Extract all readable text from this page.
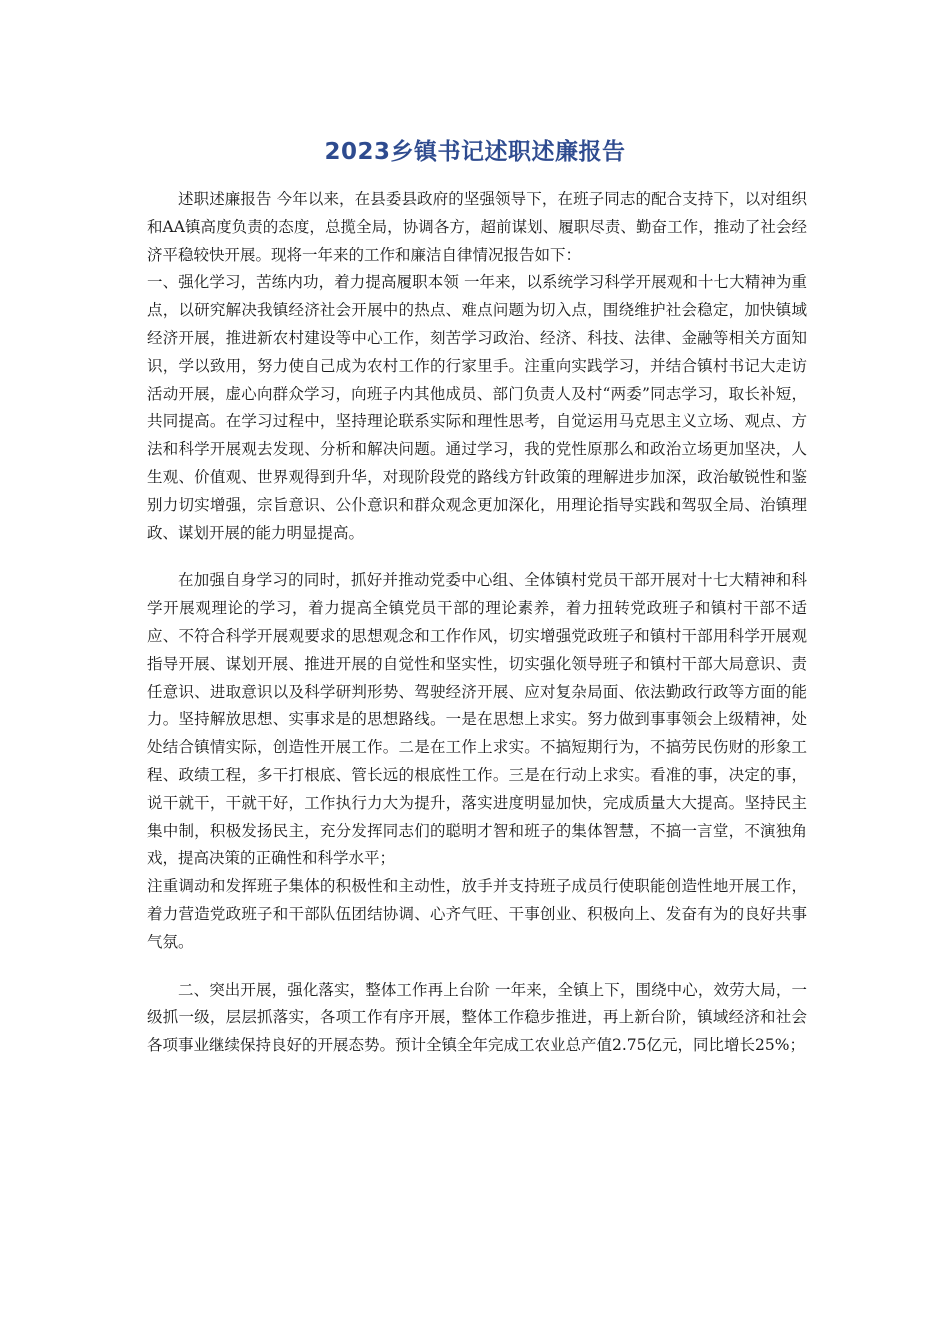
2023乡镇书记述职述廉报告

述职述廉报告 今年以来，在县委县政府的坚强领导下，在班子同志的配合支持下，以对组织和AA镇高度负责的态度，总揽全局，协调各方，超前谋划、履职尽责、勤奋工作，推动了社会经济平稳较快开展。现将一年来的工作和廉洁自律情况报告如下：

一、强化学习，苦练内功，着力提高履职本领 一年来，以系统学习科学开展观和十七大精神为重点，以研究解决我镇经济社会开展中的热点、难点问题为切入点，围绕维护社会稳定，加快镇域经济开展，推进新农村建设等中心工作，刻苦学习政治、经济、科技、法律、金融等相关方面知识，学以致用，努力使自己成为农村工作的行家里手。注重向实践学习，并结合镇村书记大走访活动开展，虚心向群众学习，向班子内其他成员、部门负责人及村“两委”同志学习，取长补短，共同提高。在学习过程中，坚持理论联系实际和理性思考，自觉运用马克思主义立场、观点、方法和科学开展观去发现、分析和解决问题。通过学习，我的党性原那么和政治立场更加坚决，人生观、价值观、世界观得到升华，对现阶段党的路线方针政策的理解进步加深，政治敏锐性和鉴别力切实增强，宗旨意识、公仆意识和群众观念更加深化，用理论指导实践和驾驭全局、治镇理政、谋划开展的能力明显提高。

在加强自身学习的同时，抓好并推动党委中心组、全体镇村党员干部开展对十七大精神和科学开展观理论的学习，着力提高全镇党员干部的理论素养，着力扭转党政班子和镇村干部不适应、不符合科学开展观要求的思想观念和工作作风，切实增强党政班子和镇村干部用科学开展观指导开展、谋划开展、推进开展的自觉性和坚实性，切实强化领导班子和镇村干部大局意识、责任意识、进取意识以及科学研判形势、驾驶经济开展、应对复杂局面、依法勤政行政等方面的能力。坚持解放思想、实事求是的思想路线。一是在思想上求实。努力做到事事领会上级精神，处处结合镇情实际，创造性开展工作。二是在工作上求实。不搞短期行为，不搞劳民伤财的形象工程、政绩工程，多干打根底、管长远的根底性工作。三是在行动上求实。看准的事，决定的事，说干就干，干就干好，工作执行力大为提升，落实进度明显加快，完成质量大大提高。坚持民主集中制，积极发扬民主，充分发挥同志们的聪明才智和班子的集体智慧，不搞一言堂，不演独角戏，提高决策的正确性和科学水平；

注重调动和发挥班子集体的积极性和主动性，放手并支持班子成员行使职能创造性地开展工作，着力营造党政班子和干部队伍团结协调、心齐气旺、干事创业、积极向上、发奋有为的良好共事气氛。

二、突出开展，强化落实，整体工作再上台阶 一年来，全镇上下，围绕中心，效劳大局，一级抓一级，层层抓落实，各项工作有序开展，整体工作稳步推进，再上新台阶，镇域经济和社会各项事业继续保持良好的开展态势。预计全镇全年完成工农业总产值2.75亿元，同比增长25%；
